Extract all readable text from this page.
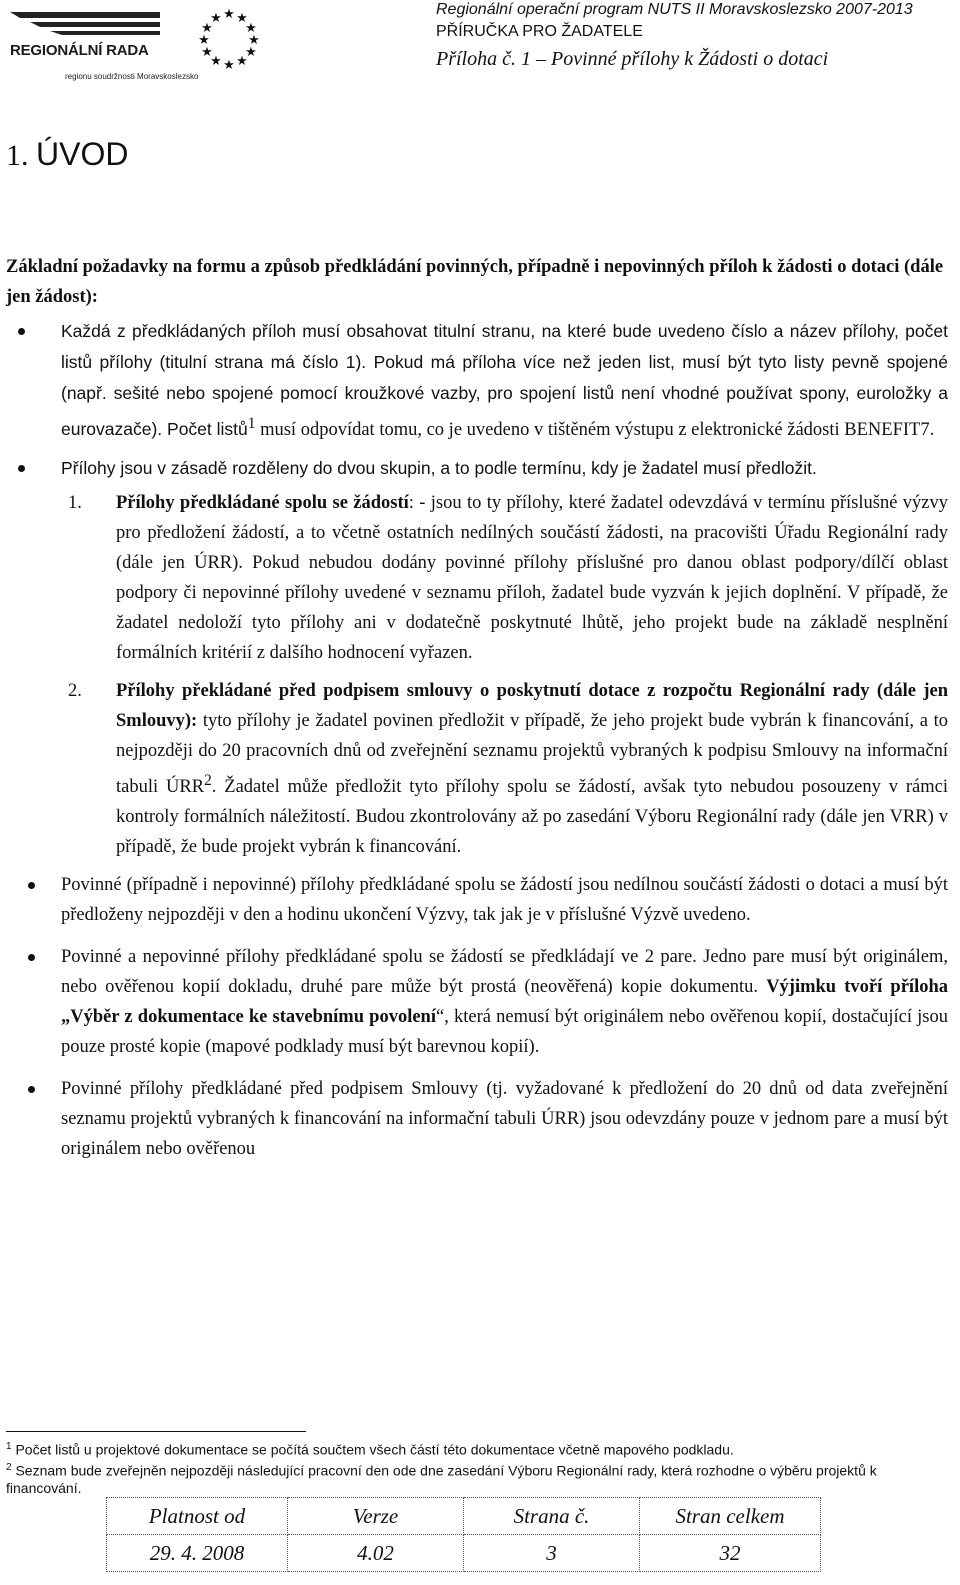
REGIONÁLNÍ RADA
regionu soudržnosti Moravskoslezsko
★ ★
★
★
★
★
★
★
★
★
★
★
Regionální operační program NUTS II Moravskoslezsko 2007-2013
PŘÍRUČKA PRO ŽADATELE
Příloha č. 1 – Povinné přílohy k Žádosti o dotaci
1. ÚVOD

Základní požadavky na formu a způsob předkládání povinných, případně i nepovinných příloh k žádosti o dotaci (dále jen žádost):

Každá z předkládaných příloh musí obsahovat titulní stranu, na které bude uvedeno číslo a název přílohy, počet listů přílohy (titulní strana má číslo 1). Pokud má příloha více než jeden list, musí být tyto listy pevně spojené (např. sešité nebo spojené pomocí kroužkové vazby, pro spojení listů není vhodné používat spony, euroložky a eurovazače). Počet listů$^1$ musí odpovídat tomu, co je uvedeno v tištěném výstupu z elektronické žádosti BENEFIT7.
Přílohy jsou v zásadě rozděleny do dvou skupin, a to podle termínu, kdy je žadatel musí předložit.
1.	Přílohy předkládané spolu se žádostí: - jsou to ty přílohy, které žadatel odevzdává v termínu příslušné výzvy pro předložení žádostí, a to včetně ostatních nedílných součástí žádosti, na pracovišti Úřadu Regionální rady (dále jen ÚRR). Pokud nebudou dodány povinné přílohy příslušné pro danou oblast podpory/dílčí oblast podpory či nepovinné přílohy uvedené v seznamu příloh, žadatel bude vyzván k jejich doplnění. V případě, že žadatel nedoloží tyto přílohy ani v dodatečně poskytnuté lhůtě, jeho projekt bude na základě nesplnění formálních kritérií z dalšího hodnocení vyřazen.
2.	Přílohy překládané před podpisem smlouvy o poskytnutí dotace z rozpočtu Regionální rady (dále jen Smlouvy): tyto přílohy je žadatel povinen předložit v případě, že jeho projekt bude vybrán k financování, a to nejpozději do 20 pracovních dnů od zveřejnění seznamu projektů vybraných k podpisu Smlouvy na informační tabuli ÚRR$^2$. Žadatel může předložit tyto přílohy spolu se žádostí, avšak tyto nebudou posouzeny v rámci kontroly formálních náležitostí. Budou zkontrolovány až po zasedání Výboru Regionální rady (dále jen VRR) v případě, že bude projekt vybrán k financování.
Povinné (případně i nepovinné) přílohy předkládané spolu se žádostí jsou nedílnou součástí žádosti o dotaci a musí být předloženy nejpozději v den a hodinu ukončení Výzvy, tak jak je v příslušné Výzvě uvedeno.
Povinné a nepovinné přílohy předkládané spolu se žádostí se předkládají ve 2 pare. Jedno pare musí být originálem, nebo ověřenou kopií dokladu, druhé pare může být prostá (neověřená) kopie dokumentu. Výjimku tvoří příloha „Výběr z dokumentace ke stavebnímu povolení“, která nemusí být originálem nebo ověřenou kopií, dostačující jsou pouze prosté kopie (mapové podklady musí být barevnou kopií).
Povinné přílohy předkládané před podpisem Smlouvy (tj. vyžadované k předložení do 20 dnů od data zveřejnění seznamu projektů vybraných k financování na informační tabuli ÚRR) jsou odevzdány pouze v jednom pare a musí být originálem nebo ověřenou
$^1$ Počet listů u projektové dokumentace se počítá součtem všech částí této dokumentace včetně mapového podkladu.
$^2$ Seznam bude zveřejněn nejpozději následující pracovní den ode dne zasedání Výboru Regionální rady, která rozhodne o výběru projektů k financování.
Platnost od	Verze	Strana č.	Stran celkem
29. 4. 2008	4.02	3	32
